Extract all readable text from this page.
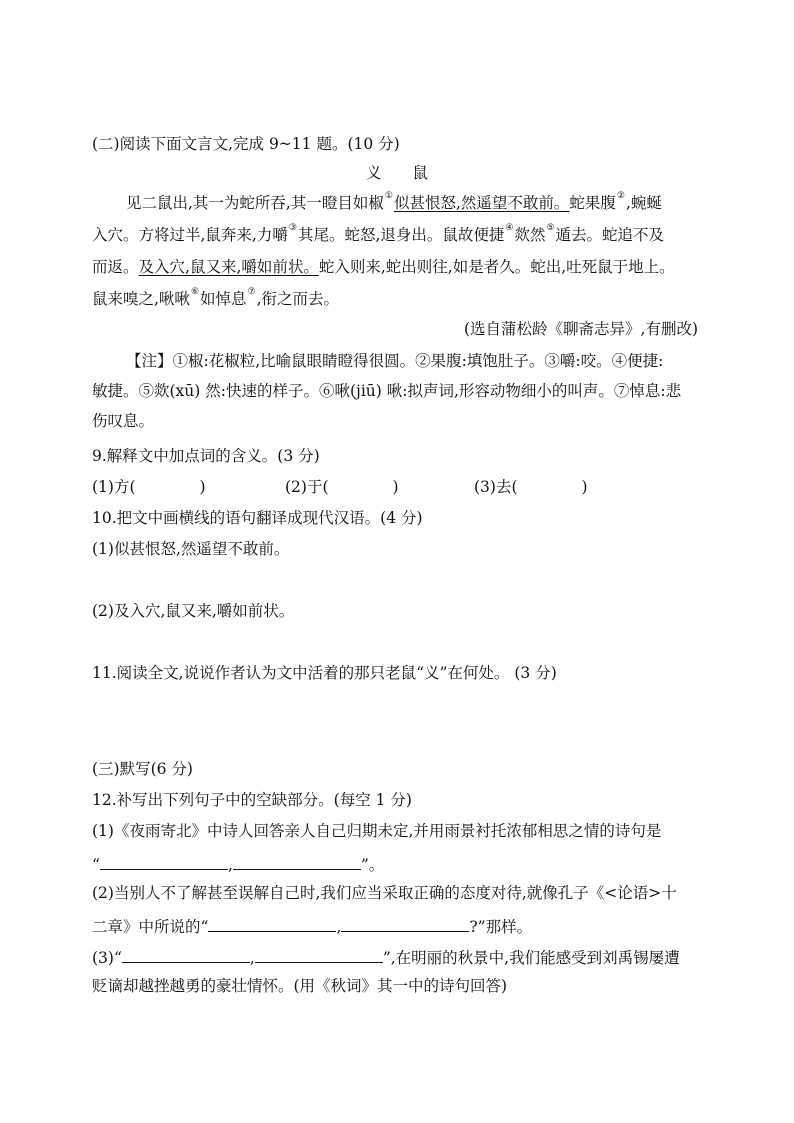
(二)阅读下面文言文,完成 9~11 题。(10 分)
义　　鼠
见二鼠出,其一为蛇所吞,其一瞪目如椒①似甚恨怒,然遥望不敢前。蛇果腹②,蜿蜒
入穴。方将过半,鼠奔来,力嚼③其尾。蛇怒,退身出。鼠故便捷④欻然⑤遁去。蛇追不及
而返。及入穴,鼠又来,嚼如前状。蛇入则来,蛇出则往,如是者久。蛇出,吐死鼠于地上。
鼠来嗅之,啾啾⑥如悼息⑦,衔之而去。
(选自蒲松龄《聊斋志异》,有删改)
【注】①椒:花椒粒,比喻鼠眼睛瞪得很圆。②果腹:填饱肚子。③嚼:咬。④便捷:
敏捷。⑤欻(xū) 然:快速的样子。⑥啾(jiū) 啾:拟声词,形容动物细小的叫声。⑦悼息:悲
伤叹息。
9.解释文中加点词的含义。(3 分)
(1)方(	)	(2)于(	)	(3)去(	)
10.把文中画横线的语句翻译成现代汉语。(4 分)
(1)似甚恨怒,然遥望不敢前。
(2)及入穴,鼠又来,嚼如前状。
11.阅读全文,说说作者认为文中活着的那只老鼠“义”在何处。 (3 分)
(三)默写(6 分)
12.补写出下列句子中的空缺部分。(每空 1 分)
(1)《夜雨寄北》中诗人回答亲人自己归期未定,并用雨景衬托浓郁相思之情的诗句是
“	,	”。
(2)当别人不了解甚至误解自己时,我们应当采取正确的态度对待,就像孔子《<论语>十
二章》中所说的“	,	?”那样。
(3)“	,	”,在明丽的秋景中,我们能感受到刘禹锡屡遭
贬谪却越挫越勇的豪壮情怀。(用《秋词》其一中的诗句回答)
